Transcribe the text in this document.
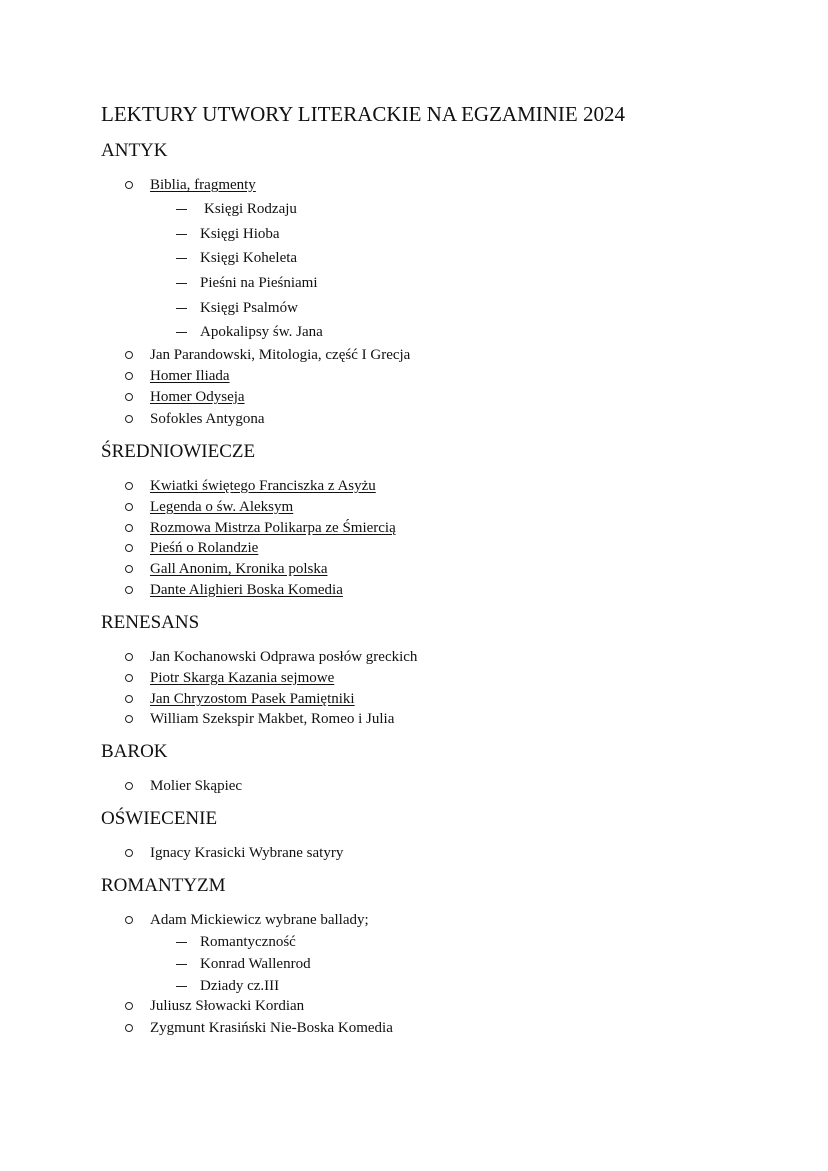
LEKTURY UTWORY LITERACKIE NA EGZAMINIE 2024
ANTYK
Biblia, fragmenty
Księgi Rodzaju
Księgi Hioba
Księgi Koheleta
Pieśni na Pieśniami
Księgi Psalmów
Apokalipsy św. Jana
Jan Parandowski, Mitologia, część I Grecja
Homer Iliada
Homer Odyseja
Sofokles Antygona
ŚREDNIOWIECZE
Kwiatki świętego Franciszka z Asyżu
Legenda o św. Aleksym
Rozmowa Mistrza Polikarpa ze Śmiercią
Pieśń o Rolandzie
Gall Anonim, Kronika polska
Dante Alighieri Boska Komedia
RENESANS
Jan Kochanowski Odprawa posłów greckich
Piotr Skarga Kazania sejmowe
Jan Chryzostom Pasek Pamiętniki
William Szekspir Makbet, Romeo i Julia
BAROK
Molier Skąpiec
OŚWIECENIE
Ignacy Krasicki Wybrane satyry
ROMANTYZM
Adam Mickiewicz wybrane ballady;
Romantyczność
Konrad Wallenrod
Dziady cz.III
Juliusz Słowacki Kordian
Zygmunt Krasiński Nie-Boska Komedia
